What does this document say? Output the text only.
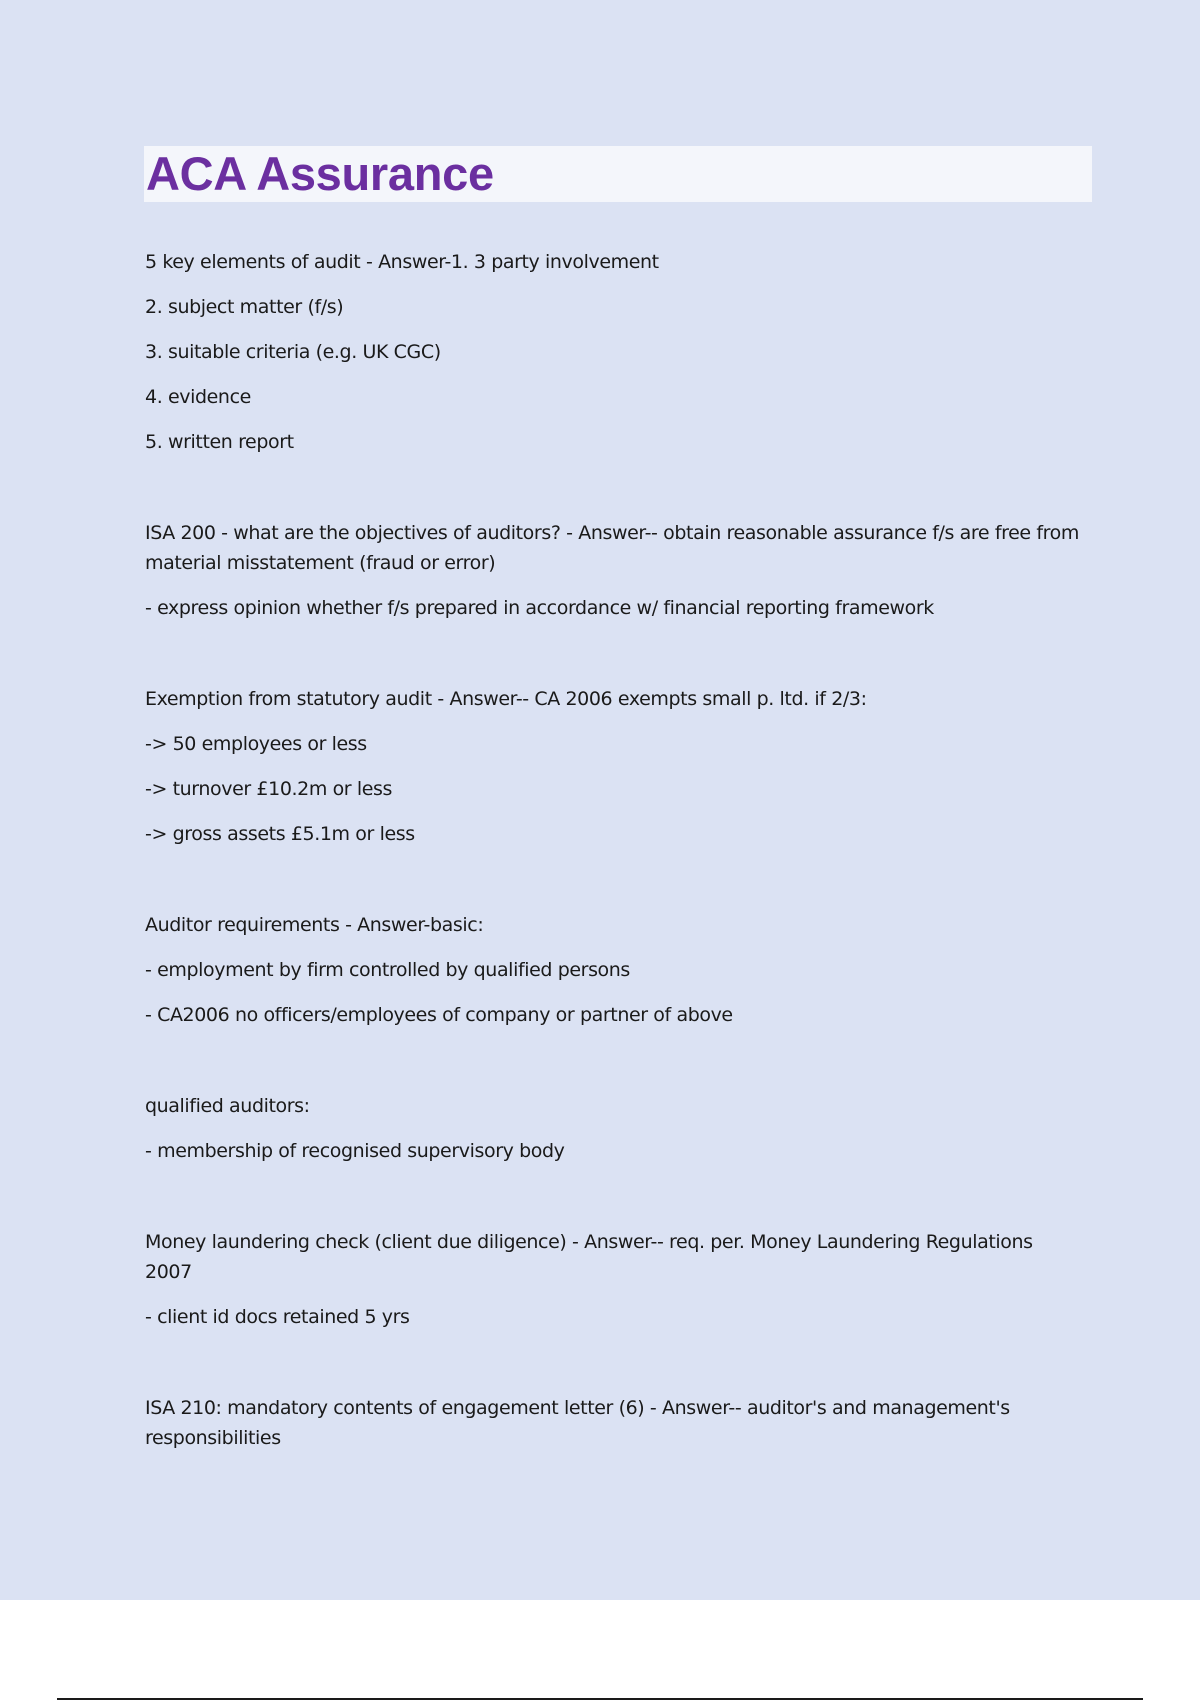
ACA Assurance

5 key elements of audit - Answer-1. 3 party involvement

2. subject matter (f/s)

3. suitable criteria (e.g. UK CGC)

4. evidence

5. written report

ISA 200 - what are the objectives of auditors? - Answer-- obtain reasonable assurance f/s are free from material misstatement (fraud or error)

- express opinion whether f/s prepared in accordance w/ financial reporting framework

Exemption from statutory audit - Answer-- CA 2006 exempts small p. ltd. if 2/3:

-> 50 employees or less

-> turnover £10.2m or less

-> gross assets £5.1m or less

Auditor requirements - Answer-basic:

- employment by firm controlled by qualified persons

- CA2006 no officers/employees of company or partner of above

qualified auditors:

- membership of recognised supervisory body

Money laundering check (client due diligence) - Answer-- req. per. Money Laundering Regulations 2007

- client id docs retained 5 yrs

ISA 210: mandatory contents of engagement letter (6) - Answer-- auditor's and management's responsibilities
